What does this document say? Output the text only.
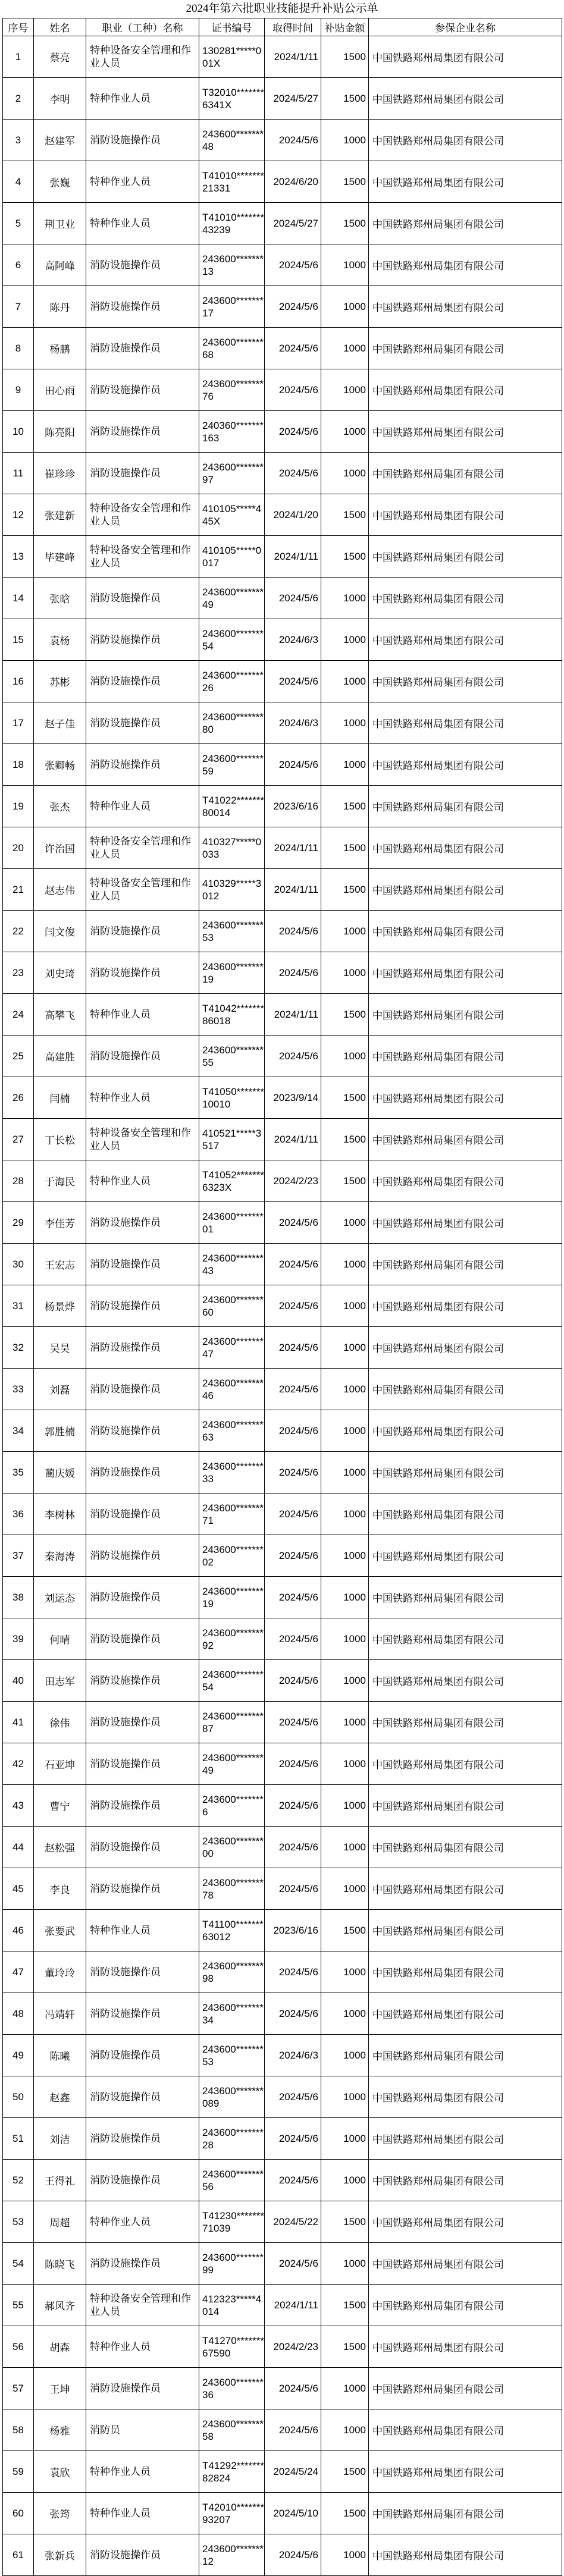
2024年第六批职业技能提升补贴公示单
序号	姓名	职业（工种）名称	证书编号	取得时间	补贴金额	参保企业名称
1	蔡亮	特种设备安全管理和作业人员	130281*****001X	2024/1/11	1500	中国铁路郑州局集团有限公司
2	李明	特种作业人员	T32010*******6341X	2024/5/27	1500	中国铁路郑州局集团有限公司
3	赵建军	消防设施操作员	243600*******48	2024/5/6	1000	中国铁路郑州局集团有限公司
4	张巍	特种作业人员	T41010*******21331	2024/6/20	1500	中国铁路郑州局集团有限公司
5	荆卫业	特种作业人员	T41010*******43239	2024/5/27	1500	中国铁路郑州局集团有限公司
6	高阿峰	消防设施操作员	243600*******13	2024/5/6	1000	中国铁路郑州局集团有限公司
7	陈丹	消防设施操作员	243600*******17	2024/5/6	1000	中国铁路郑州局集团有限公司
8	杨鹏	消防设施操作员	243600*******68	2024/5/6	1000	中国铁路郑州局集团有限公司
9	田心雨	消防设施操作员	243600*******76	2024/5/6	1000	中国铁路郑州局集团有限公司
10	陈亮阳	消防设施操作员	240360*******163	2024/5/6	1000	中国铁路郑州局集团有限公司
11	崔珍珍	消防设施操作员	243600*******97	2024/5/6	1000	中国铁路郑州局集团有限公司
12	张建新	特种设备安全管理和作业人员	410105*****445X	2024/1/20	1500	中国铁路郑州局集团有限公司
13	毕建峰	特种设备安全管理和作业人员	410105*****0017	2024/1/11	1500	中国铁路郑州局集团有限公司
14	张晗	消防设施操作员	243600*******49	2024/5/6	1000	中国铁路郑州局集团有限公司
15	袁杨	消防设施操作员	243600*******54	2024/6/3	1000	中国铁路郑州局集团有限公司
16	苏彬	消防设施操作员	243600*******26	2024/5/6	1000	中国铁路郑州局集团有限公司
17	赵子佳	消防设施操作员	243600*******80	2024/6/3	1000	中国铁路郑州局集团有限公司
18	张卿畅	消防设施操作员	243600*******59	2024/5/6	1000	中国铁路郑州局集团有限公司
19	张杰	特种作业人员	T41022*******80014	2023/6/16	1500	中国铁路郑州局集团有限公司
20	许治国	特种设备安全管理和作业人员	410327*****0033	2024/1/11	1500	中国铁路郑州局集团有限公司
21	赵志伟	特种设备安全管理和作业人员	410329*****3012	2024/1/11	1500	中国铁路郑州局集团有限公司
22	闫文俊	消防设施操作员	243600*******53	2024/5/6	1000	中国铁路郑州局集团有限公司
23	刘史琦	消防设施操作员	243600*******19	2024/5/6	1000	中国铁路郑州局集团有限公司
24	高攀飞	特种作业人员	T41042*******86018	2024/1/11	1500	中国铁路郑州局集团有限公司
25	高建胜	消防设施操作员	243600*******55	2024/5/6	1000	中国铁路郑州局集团有限公司
26	闫楠	特种作业人员	T41050*******10010	2023/9/14	1500	中国铁路郑州局集团有限公司
27	丁长松	特种设备安全管理和作业人员	410521*****3517	2024/1/11	1500	中国铁路郑州局集团有限公司
28	于海民	特种作业人员	T41052*******6323X	2024/2/23	1500	中国铁路郑州局集团有限公司
29	李佳芳	消防设施操作员	243600*******01	2024/5/6	1000	中国铁路郑州局集团有限公司
30	王宏志	消防设施操作员	243600*******43	2024/5/6	1000	中国铁路郑州局集团有限公司
31	杨景烨	消防设施操作员	243600*******60	2024/5/6	1000	中国铁路郑州局集团有限公司
32	吴昊	消防设施操作员	243600*******47	2024/5/6	1000	中国铁路郑州局集团有限公司
33	刘磊	消防设施操作员	243600*******46	2024/5/6	1000	中国铁路郑州局集团有限公司
34	郭胜楠	消防设施操作员	243600*******63	2024/5/6	1000	中国铁路郑州局集团有限公司
35	蔺庆媛	消防设施操作员	243600*******33	2024/5/6	1000	中国铁路郑州局集团有限公司
36	李树林	消防设施操作员	243600*******71	2024/5/6	1000	中国铁路郑州局集团有限公司
37	秦海涛	消防设施操作员	243600*******02	2024/5/6	1000	中国铁路郑州局集团有限公司
38	刘运态	消防设施操作员	243600*******19	2024/5/6	1000	中国铁路郑州局集团有限公司
39	何晴	消防设施操作员	243600*******92	2024/5/6	1000	中国铁路郑州局集团有限公司
40	田志军	消防设施操作员	243600*******54	2024/5/6	1000	中国铁路郑州局集团有限公司
41	徐伟	消防设施操作员	243600*******87	2024/5/6	1000	中国铁路郑州局集团有限公司
42	石亚坤	消防设施操作员	243600*******49	2024/5/6	1000	中国铁路郑州局集团有限公司
43	曹宁	消防设施操作员	243600*******6	2024/5/6	1000	中国铁路郑州局集团有限公司
44	赵松强	消防设施操作员	243600*******00	2024/5/6	1000	中国铁路郑州局集团有限公司
45	李良	消防设施操作员	243600*******78	2024/5/6	1000	中国铁路郑州局集团有限公司
46	张要武	特种作业人员	T41100*******63012	2023/6/16	1500	中国铁路郑州局集团有限公司
47	董玲玲	消防设施操作员	243600*******98	2024/5/6	1000	中国铁路郑州局集团有限公司
48	冯靖轩	消防设施操作员	243600*******34	2024/5/6	1000	中国铁路郑州局集团有限公司
49	陈曦	消防设施操作员	243600*******53	2024/6/3	1000	中国铁路郑州局集团有限公司
50	赵鑫	消防设施操作员	243600*******089	2024/5/6	1000	中国铁路郑州局集团有限公司
51	刘洁	消防设施操作员	243600*******28	2024/5/6	1000	中国铁路郑州局集团有限公司
52	王得礼	消防设施操作员	243600*******56	2024/5/6	1000	中国铁路郑州局集团有限公司
53	周超	特种作业人员	T41230*******71039	2024/5/22	1500	中国铁路郑州局集团有限公司
54	陈晓飞	消防设施操作员	243600*******99	2024/5/6	1000	中国铁路郑州局集团有限公司
55	郝风齐	特种设备安全管理和作业人员	412323*****4014	2024/1/11	1500	中国铁路郑州局集团有限公司
56	胡森	特种作业人员	T41270*******67590	2024/2/23	1500	中国铁路郑州局集团有限公司
57	王坤	消防设施操作员	243600*******36	2024/5/6	1000	中国铁路郑州局集团有限公司
58	杨雅	消防员	243600*******58	2024/5/6	1000	中国铁路郑州局集团有限公司
59	袁欣	特种作业人员	T41292*******82824	2024/5/24	1500	中国铁路郑州局集团有限公司
60	张筠	特种作业人员	T42010*******93207	2024/5/10	1500	中国铁路郑州局集团有限公司
61	张新兵	消防设施操作员	243600*******12	2024/5/6	1000	中国铁路郑州局集团有限公司
